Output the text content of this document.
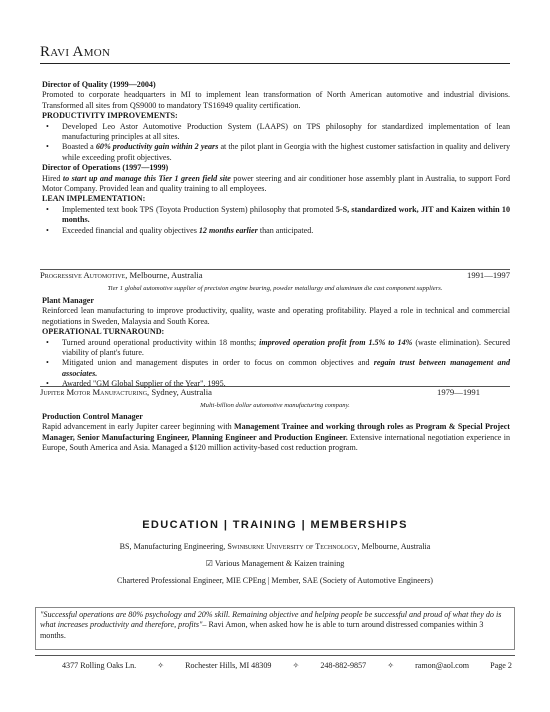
Ravi Amon
Director of Quality (1999—2004)
Promoted to corporate headquarters in MI to implement lean transformation of North American automotive and industrial divisions. Transformed all sites from QS9000 to mandatory TS16949 quality certification.
PRODUCTIVITY IMPROVEMENTS:
• Developed Leo Astor Automotive Production System (LAAPS) on TPS philosophy for standardized implementation of lean manufacturing principles at all sites.
• Boasted a 60% productivity gain within 2 years at the pilot plant in Georgia with the highest customer satisfaction in quality and delivery while exceeding profit objectives.
Director of Operations (1997—1999)
Hired to start up and manage this Tier 1 green field site power steering and air conditioner hose assembly plant in Australia, to support Ford Motor Company. Provided lean and quality training to all employees.
LEAN IMPLEMENTATION:
• Implemented text book TPS (Toyota Production System) philosophy that promoted 5-S, standardized work, JIT and Kaizen within 10 months.
• Exceeded financial and quality objectives 12 months earlier than anticipated.
Progressive Automotive, Melbourne, Australia	1991—1997
Tier 1 global automotive supplier of precision engine bearing, powder metallurgy and aluminum die cast component suppliers.
Plant Manager
Reinforced lean manufacturing to improve productivity, quality, waste and operating profitability. Played a role in technical and commercial negotiations in Sweden, Malaysia and South Korea.
OPERATIONAL TURNAROUND:
• Turned around operational productivity within 18 months; improved operation profit from 1.5% to 14% (waste elimination). Secured viability of plant's future.
• Mitigated union and management disputes in order to focus on common objectives and regain trust between management and associates.
• Awarded "GM Global Supplier of the Year", 1995.
Jupiter Motor Manufacturing, Sydney, Australia	1979—1991
Multi-billion dollar automotive manufacturing company.
Production Control Manager
Rapid advancement in early Jupiter career beginning with Management Trainee and working through roles as Program & Special Project Manager, Senior Manufacturing Engineer, Planning Engineer and Production Engineer. Extensive international negotiation experience in Europe, South America and Asia. Managed a $120 million activity-based cost reduction program.
EDUCATION | TRAINING | MEMBERSHIPS
BS, Manufacturing Engineering, Swinburne University of Technology, Melbourne, Australia
☑ Various Management & Kaizen training
Chartered Professional Engineer, MIE CPEng | Member, SAE (Society of Automotive Engineers)
"Successful operations are 80% psychology and 20% skill. Remaining objective and helping people be successful and proud of what they do is what increases productivity and therefore, profits"– Ravi Amon, when asked how he is able to turn around distressed companies within 3 months.
4377 Rolling Oaks Ln.	✧	Rochester Hills, MI 48309	✧	248-882-9857	✧	ramon@aol.com	Page 2
